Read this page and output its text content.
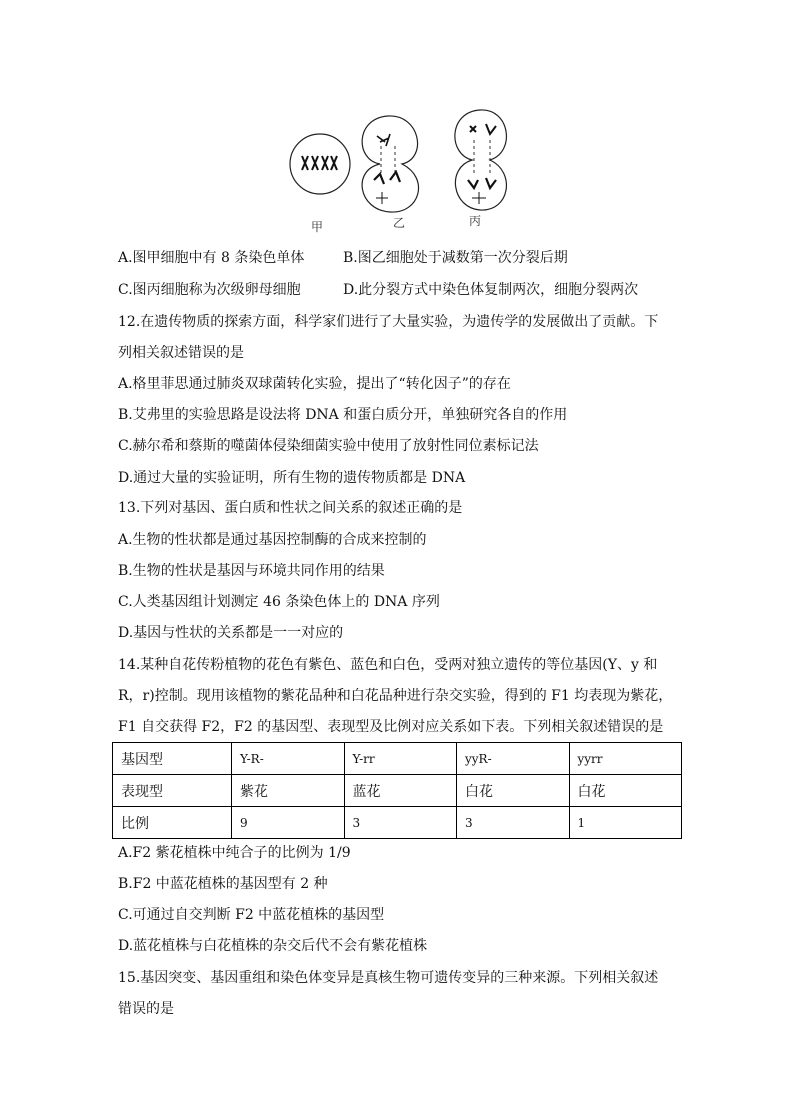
甲	乙	丙
A.图甲细胞中有 8 条染色单体	B.图乙细胞处于减数第一次分裂后期
C.图丙细胞称为次级卵母细胞	D.此分裂方式中染色体复制两次，细胞分裂两次
12.在遗传物质的探索方面，科学家们进行了大量实验，为遗传学的发展做出了贡献。下
列相关叙述错误的是
A.格里菲思通过肺炎双球菌转化实验，提出了“转化因子”的存在
B.艾弗里的实验思路是设法将 DNA 和蛋白质分开，单独研究各自的作用
C.赫尔希和蔡斯的噬菌体侵染细菌实验中使用了放射性同位素标记法
D.通过大量的实验证明，所有生物的遗传物质都是 DNA
13.下列对基因、蛋白质和性状之间关系的叙述正确的是
A.生物的性状都是通过基因控制酶的合成来控制的
B.生物的性状是基因与环境共同作用的结果
C.人类基因组计划测定 46 条染色体上的 DNA 序列
D.基因与性状的关系都是一一对应的
14.某种自花传粉植物的花色有紫色、蓝色和白色，受两对独立遗传的等位基因(Y、y 和
R，r)控制。现用该植物的紫花品种和白花品种进行杂交实验，得到的 F1 均表现为紫花，
F1 自交获得 F2，F2 的基因型、表现型及比例对应关系如下表。下列相关叙述错误的是
基因型	Y-R-	Y-rr	yyR-	yyrr
表现型	紫花	蓝花	白花	白花
比例	9	3	3	1
A.F2 紫花植株中纯合子的比例为 1/9
B.F2 中蓝花植株的基因型有 2 种
C.可通过自交判断 F2 中蓝花植株的基因型
D.蓝花植株与白花植株的杂交后代不会有紫花植株
15.基因突变、基因重组和染色体变异是真核生物可遗传变异的三种来源。下列相关叙述
错误的是
